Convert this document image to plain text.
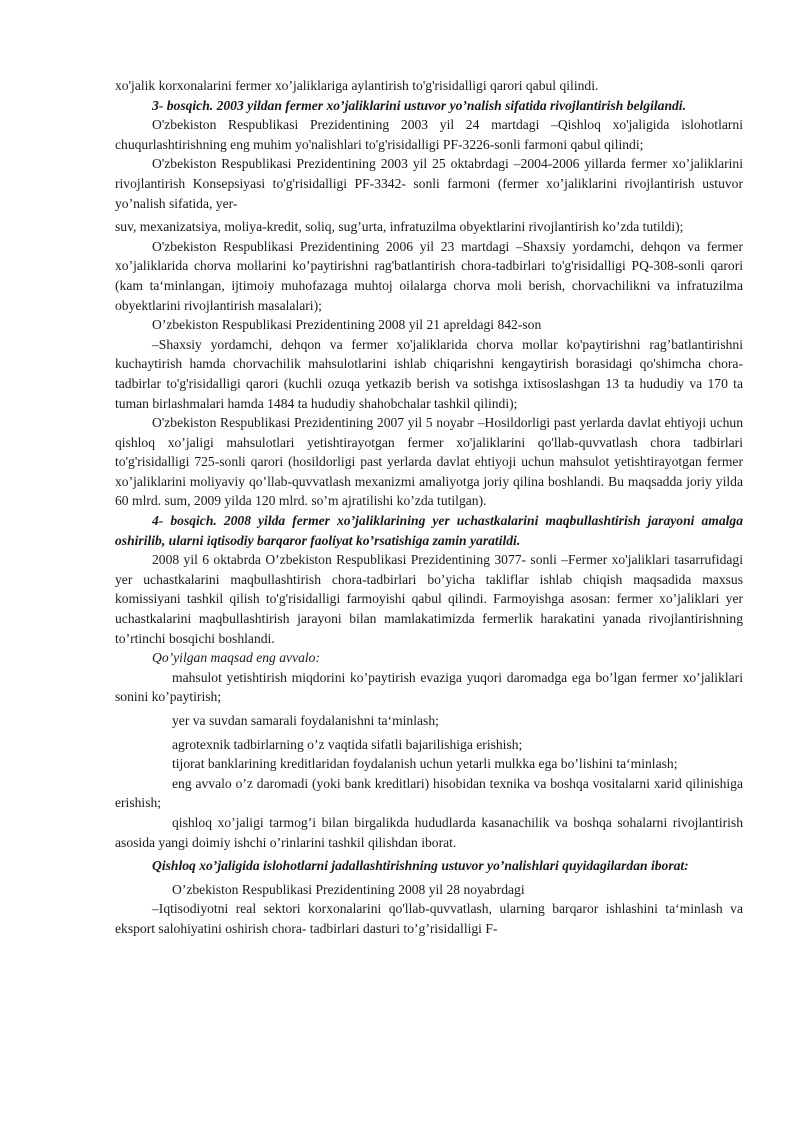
xo'jalik korxonalarini fermer xo’jaliklariga aylantirish to'g'risidalligi qarori qabul qilindi.

3- bosqich. 2003 yildan fermer xo’jaliklarini ustuvor yo’nalish sifatida rivojlantirish belgilandi.

O'zbekiston Respublikasi Prezidentining 2003 yil 24 martdagi –Qishloq xo'jaligida islohotlarni chuqurlashtirishning eng muhim yo'nalishlari to'g'risidalligi PF-3226-sonli farmoni qabul qilindi;

O'zbekiston Respublikasi Prezidentining 2003 yil 25 oktabrdagi –2004-2006 yillarda fermer xo’jaliklarini rivojlantirish Konsepsiyasi to'g'risidalligi PF-3342- sonli farmoni (fermer xo’jaliklarini rivojlantirish ustuvor yo’nalish sifatida, yer-

suv, mexanizatsiya, moliya-kredit, soliq, sug’urta, infratuzilma obyektlarini rivojlantirish ko’zda tutildi);

O'zbekiston Respublikasi Prezidentining 2006 yil 23 martdagi –Shaxsiy yordamchi, dehqon va fermer xo’jaliklarida chorva mollarini ko’paytirishni rag'batlantirish chora-tadbirlari to'g'risidalligi PQ-308-sonli qarori (kam ta‘minlangan, ijtimoiy muhofazaga muhtoj oilalarga chorva moli berish, chorvachilikni va infratuzilma obyektlarini rivojlantirish masalalari);

O’zbekiston Respublikasi Prezidentining 2008 yil 21 apreldagi 842-son

–Shaxsiy yordamchi, dehqon va fermer xo'jaliklarida chorva mollar ko'paytirishni rag’batlantirishni kuchaytirish hamda chorvachilik mahsulotlarini ishlab chiqarishni kengaytirish borasidagi qo'shimcha chora-tadbirlar to'g'risidalligi qarori (kuchli ozuqa yetkazib berish va sotishga ixtisoslashgan 13 ta hududiy va 170 ta tuman birlashmalari hamda 1484 ta hududiy shahobchalar tashkil qilindi);

O'zbekiston Respublikasi Prezidentining 2007 yil 5 noyabr –Hosildorligi past yerlarda davlat ehtiyoji uchun qishloq xo’jaligi mahsulotlari yetishtirayotgan fermer xo'jaliklarini qo'llab-quvvatlash chora tadbirlari to'g'risidalligi 725-sonli qarori (hosildorligi past yerlarda davlat ehtiyoji uchun mahsulot yetishtirayotgan fermer xo’jaliklarini moliyaviy qo’llab-quvvatlash mexanizmi amaliyotga joriy qilina boshlandi. Bu maqsadda joriy yilda 60 mlrd. sum, 2009 yilda 120 mlrd. so’m ajratilishi ko’zda tutilgan).

4- bosqich. 2008 yilda fermer xo’jaliklarining yer uchastkalarini maqbullashtirish jarayoni amalga oshirilib, ularni iqtisodiy barqaror faoliyat ko’rsatishiga zamin yaratildi.

2008 yil 6 oktabrda O’zbekiston Respublikasi Prezidentining 3077- sonli –Fermer xo'jaliklari tasarrufidagi yer uchastkalarini maqbullashtirish chora-tadbirlari bo’yicha takliflar ishlab chiqish maqsadida maxsus komissiyani tashkil qilish to'g'risidalligi farmoyishi qabul qilindi. Farmoyishga asosan: fermer xo’jaliklari yer uchastkalarini maqbullashtirish jarayoni bilan mamlakatimizda fermerlik harakatini yanada rivojlantirishning to’rtinchi bosqichi boshlandi.

Qo’yilgan maqsad eng avvalo:

mahsulot yetishtirish miqdorini ko’paytirish evaziga yuqori daromadga ega bo’lgan fermer xo’jaliklari sonini ko’paytirish;

yer va suvdan samarali foydalanishni ta‘minlash;

agrotexnik tadbirlarning o’z vaqtida sifatli bajarilishiga erishish;

tijorat banklarining kreditlaridan foydalanish uchun yetarli mulkka ega bo’lishini ta‘minlash;

eng avvalo o’z daromadi (yoki bank kreditlari) hisobidan texnika va boshqa vositalarni xarid qilinishiga erishish;

qishloq xo’jaligi tarmog’i bilan birgalikda hududlarda kasanachilik va boshqa sohalarni rivojlantirish asosida yangi doimiy ishchi o’rinlarini tashkil qilishdan iborat.

Qishloq xo’jaligida islohotlarni jadallashtirishning ustuvor yo’nalishlari quyidagilardan iborat:

O’zbekiston Respublikasi Prezidentining 2008 yil 28 noyabrdagi

–Iqtisodiyotni real sektori korxonalarini qo'llab-quvvatlash, ularning barqaror ishlashini ta‘minlash va eksport salohiyatini oshirish chora- tadbirlari dasturi to’g’risidalligi F-
